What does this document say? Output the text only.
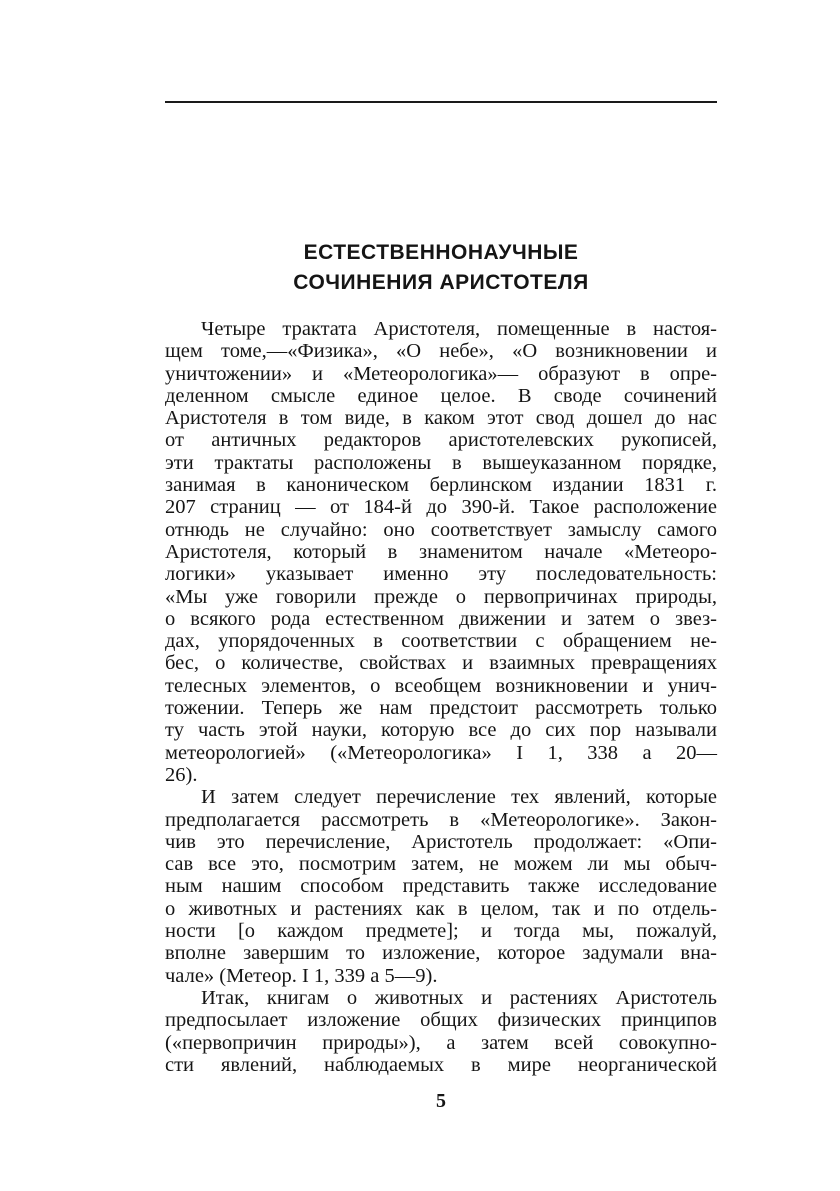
ЕСТЕСТВЕННОНАУЧНЫЕ
СОЧИНЕНИЯ АРИСТОТЕЛЯ
Четыре трактата Аристотеля, помещенные в настоя-
щем томе,—«Физика», «О небе», «О возникновении и
уничтожении» и «Метеорологика»— образуют в опре-
деленном смысле единое целое. В своде сочинений
Аристотеля в том виде, в каком этот свод дошел до нас
от античных редакторов аристотелевских рукописей,
эти трактаты расположены в вышеуказанном порядке,
занимая в каноническом берлинском издании 1831 г.
207 страниц — от 184-й до 390-й. Такое расположение
отнюдь не случайно: оно соответствует замыслу самого
Аристотеля, который в знаменитом начале «Метеоро-
логики» указывает именно эту последовательность:
«Мы уже говорили прежде о первопричинах природы,
о всякого рода естественном движении и затем о звез-
дах, упорядоченных в соответствии с обращением не-
бес, о количестве, свойствах и взаимных превращениях
телесных элементов, о всеобщем возникновении и унич-
тожении. Теперь же нам предстоит рассмотреть только
ту часть этой науки, которую все до сих пор называли
метеорологией» («Метеорологика» I 1, 338 а 20—
26).
И затем следует перечисление тех явлений, которые
предполагается рассмотреть в «Метеорологике». Закон-
чив это перечисление, Аристотель продолжает: «Опи-
сав все это, посмотрим затем, не можем ли мы обыч-
ным нашим способом представить также исследование
о животных и растениях как в целом, так и по отдель-
ности [о каждом предмете]; и тогда мы, пожалуй,
вполне завершим то изложение, которое задумали вна-
чале» (Метеор. I 1, 339 а 5—9).
Итак, книгам о животных и растениях Аристотель
предпосылает изложение общих физических принципов
(«первопричин природы»), а затем всей совокупно-
сти явлений, наблюдаемых в мире неорганической
5
